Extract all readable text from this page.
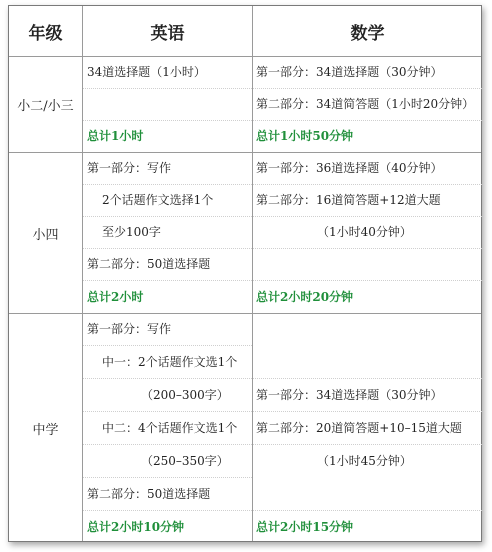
年级	英语	数学
小二/小三
小四
中学
34道选择题（1小时）
总计1小时
第一部分：34道选择题（30分钟）
第二部分：34道简答题（1小时20分钟）
总计1小时50分钟
第一部分：写作
2个话题作文选择1个
至少100字
第二部分：50道选择题
总计2小时
第一部分：36道选择题（40分钟）
第二部分：16道简答题+12道大题
（1小时40分钟）
总计2小时20分钟
第一部分：写作
中一：2个话题作文选1个
（200–300字）
中二：4个话题作文选1个
（250–350字）
第二部分：50道选择题
总计2小时10分钟
第一部分：34道选择题（30分钟）
第二部分：20道简答题+10–15道大题
（1小时45分钟）
总计2小时15分钟
